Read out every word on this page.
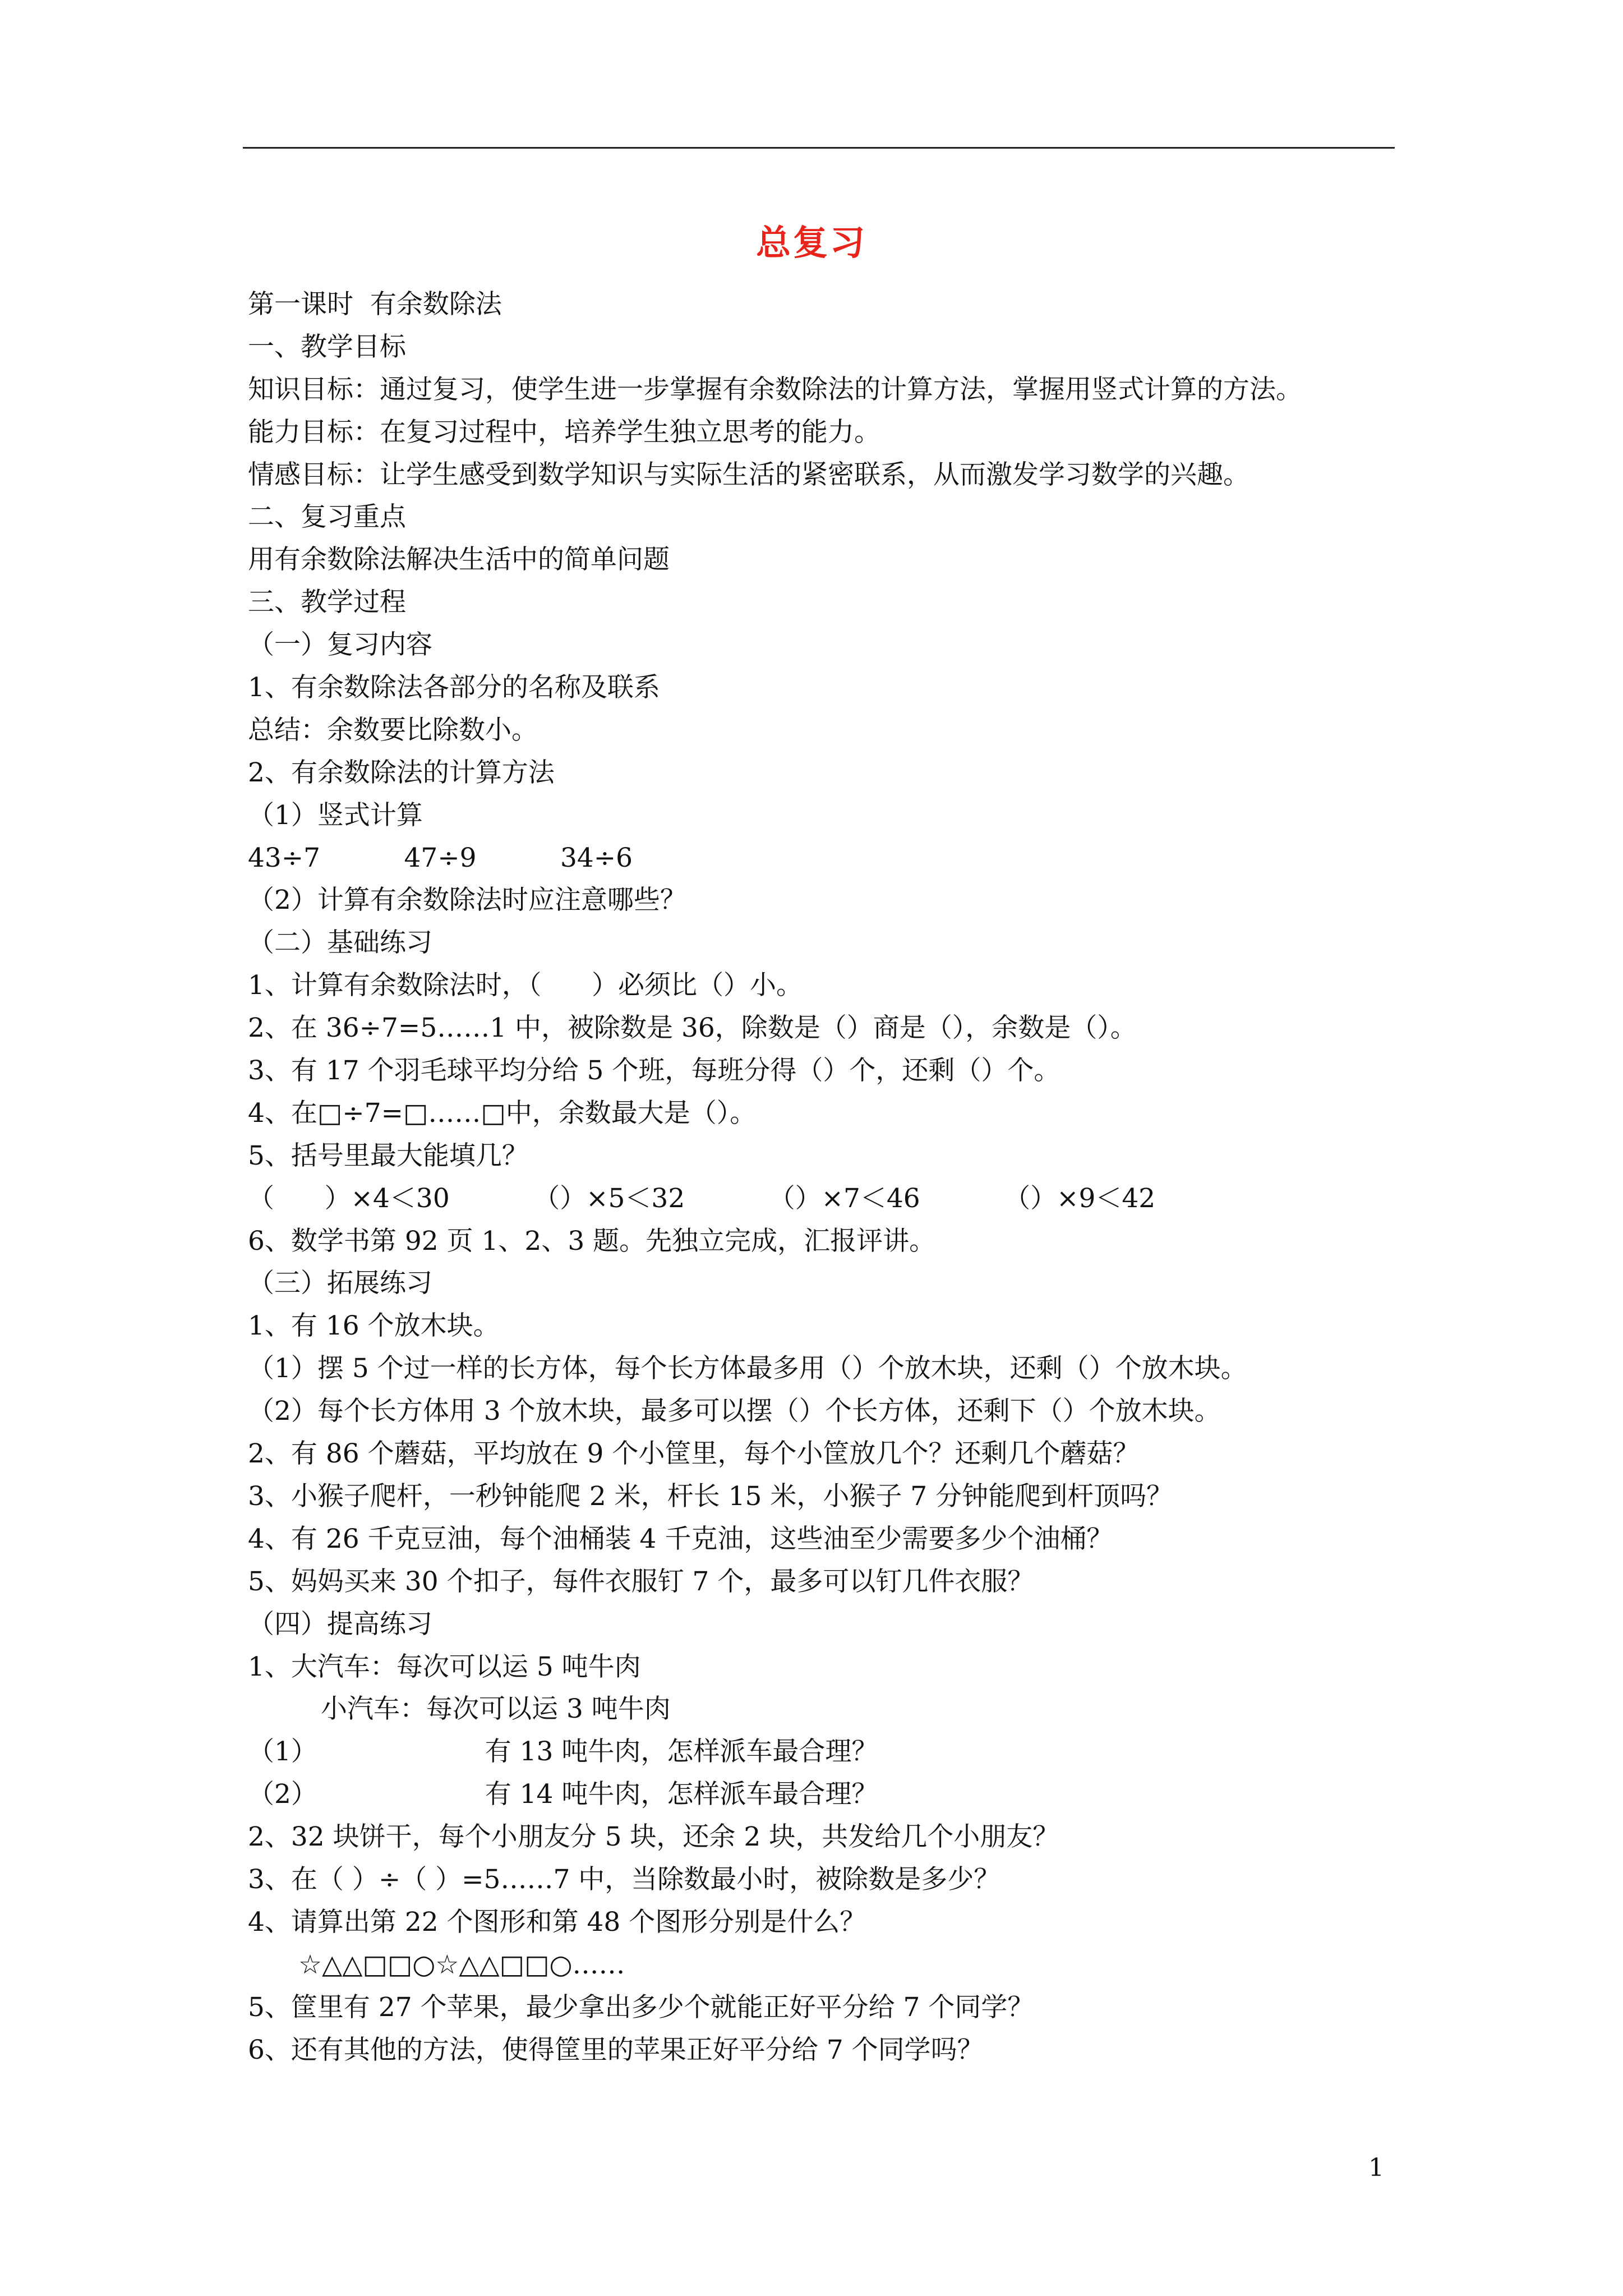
总复习
第一课时  有余数除法
一、教学目标
知识目标：通过复习，使学生进一步掌握有余数除法的计算方法，掌握用竖式计算的方法。
能力目标：在复习过程中，培养学生独立思考的能力。
情感目标：让学生感受到数学知识与实际生活的紧密联系，从而激发学习数学的兴趣。
二、复习重点
用有余数除法解决生活中的简单问题
三、教学过程
（一）复习内容
1、有余数除法各部分的名称及联系
总结：余数要比除数小。
2、有余数除法的计算方法
（1）竖式计算
43÷7          47÷9          34÷6
（2）计算有余数除法时应注意哪些？
（二）基础练习
1、计算有余数除法时，（      ）必须比（）小。
2、在 36÷7=5……1 中，被除数是 36，除数是（）商是（），余数是（）。
3、有 17 个羽毛球平均分给 5 个班，每班分得（）个，还剩（）个。
4、在□÷7=□……□中，余数最大是（）。
5、括号里最大能填几？
（      ）×4＜30          （）×5＜32          （）×7＜46          （）×9＜42
6、数学书第 92 页 1、2、3 题。先独立完成，汇报评讲。
（三）拓展练习
1、有 16 个放木块。
（1）摆 5 个过一样的长方体，每个长方体最多用（）个放木块，还剩（）个放木块。
（2）每个长方体用 3 个放木块，最多可以摆（）个长方体，还剩下（）个放木块。
2、有 86 个蘑菇，平均放在 9 个小筐里，每个小筐放几个？还剩几个蘑菇？
3、小猴子爬杆，一秒钟能爬 2 米，杆长 15 米，小猴子 7 分钟能爬到杆顶吗？
4、有 26 千克豆油，每个油桶装 4 千克油，这些油至少需要多少个油桶？
5、妈妈买来 30 个扣子，每件衣服钉 7 个，最多可以钉几件衣服？
（四）提高练习
1、大汽车：每次可以运 5 吨牛肉
小汽车：每次可以运 3 吨牛肉
（1）                    有 13 吨牛肉，怎样派车最合理？
（2）                    有 14 吨牛肉，怎样派车最合理？
2、32 块饼干，每个小朋友分 5 块，还余 2 块，共发给几个小朋友？
3、在（ ）÷（ ）=5……7 中，当除数最小时，被除数是多少？
4、请算出第 22 个图形和第 48 个图形分别是什么？
☆△△□□○☆△△□□○……
5、筐里有 27 个苹果，最少拿出多少个就能正好平分给 7 个同学？
6、还有其他的方法，使得筐里的苹果正好平分给 7 个同学吗？
1
